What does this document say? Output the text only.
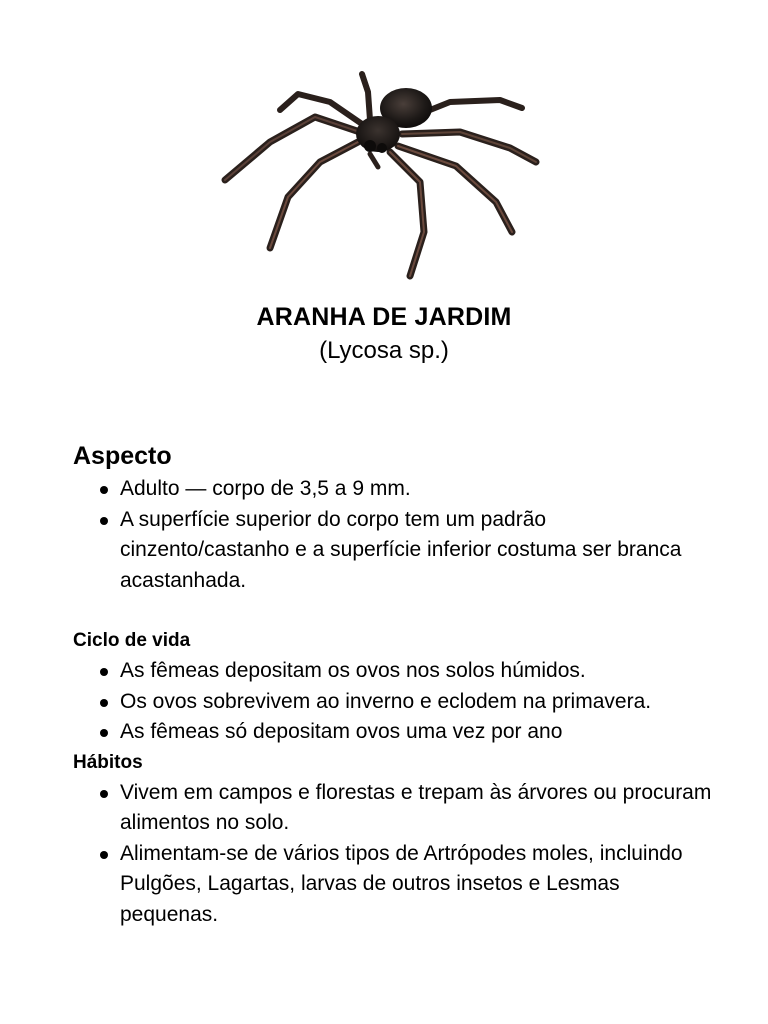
ARANHA DE JARDIM
(Lycosa sp.)
Aspecto
Adulto — corpo de 3,5 a 9 mm.
A superfície superior do corpo tem um padrão cinzento/castanho e a superfície inferior costuma ser branca acastanhada.
Ciclo de vida
As fêmeas depositam os ovos nos solos húmidos.
Os ovos sobrevivem ao inverno e eclodem na primavera.
As fêmeas só depositam ovos uma vez por ano
Hábitos
Vivem em campos e florestas e trepam às árvores ou procuram alimentos no solo.
Alimentam-se de vários tipos de Artrópodes moles, incluindo Pulgões, Lagartas, larvas de outros insetos e Lesmas pequenas.
